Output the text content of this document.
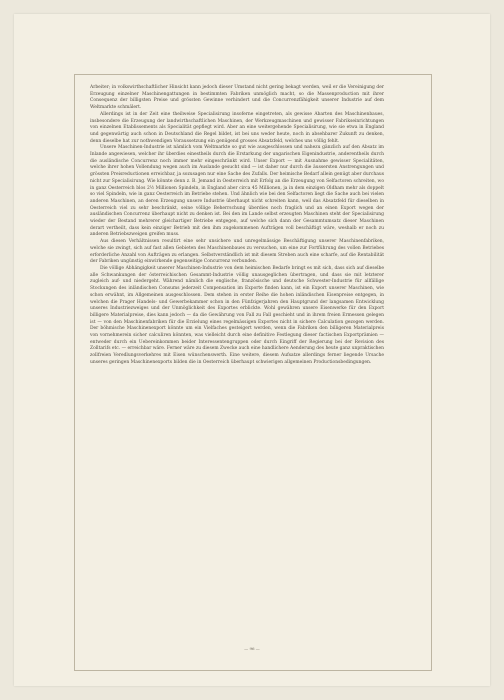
Arbeiter; in volkswirthschaftlicher Hinsicht kann jedoch dieser Umstand nicht gering bekagt werden, weil er die Vereinigung der Erzeugung einzelner Maschinengattungen in bestimmten Fabriken unmöglich macht, so die Massenproduction mit ihrer Consequenz der billigsten Preise und grössten Gewinne verhindert und die Concurrenzfähigkeit unserer Industrie auf dem Weltmarkte schmälert.

Allerdings ist in der Zeit eine theilweise Specialisirung insoferne eingetreten, als gewisse Abarten des Maschinenbaues, insbesondere die Erzeugung der landwirthschaftlichen Maschinen, der Werkzeugmaschinen und gewisser Fabrikseinrichtungen von einzelnen Etablissements als Specialität gepflegt wird. Aber an eine weitergehende Specialisirung, wie sie etwa in England und gegenwärtig auch schon in Deutschland die Regel bildet, ist bei uns weder heute, noch in absehbarer Zukunft zu denken, denn dieselbe hat zur nothwendigen Voraussetzung ein genügend grosses Absatzfeld, welches uns völlig fehlt.

Unsere Maschinen-Industrie ist nämlich vom Weltmarkte so gut wie ausgeschlossen und nahezu gänzlich auf den Absatz im Inlande angewiesen, welcher ihr überdies einestheils durch die Erstarkung der ungarischen Eigenindustrie, anderentheils durch die ausländische Concurrenz noch immer mehr eingeschränkt wird. Unser Export — mit Ausnahme gewisser Specialitäten, welche ihrer hohen Vollendung wegen auch im Auslande gesucht sind — ist daher nur durch die äussersten Anstrengungen und grössten Preisreductionen erreichbar, ja sozusagen nur eine Sache des Zufalls. Der heimische Bedarf allein genügt aber durchaus nicht zur Specialisirung. Wie könnte denn z. B. Jemand in Oesterreich mit Erfolg an die Erzeugung von Selfactoren schreiten, wo in ganz Oesterreich blos 2½ Millionen Spindeln, in England aber circa 45 Millionen, ja in dem einzigen Oldham mehr als doppelt so viel Spindeln, wie in ganz Oesterreich im Betriebe stehen. Und ähnlich wie bei den Selfactoren liegt die Sache auch bei vielen anderen Maschinen, an deren Erzeugung unsere Industrie überhaupt nicht schreiten kann, weil das Absatzfeld für dieselben in Oesterreich viel zu sehr beschränkt, seine völlige Beherrschung überdies noch fraglich und an einen Export wegen der ausländischen Concurrenz überhaupt nicht zu denken ist. Bei den im Lande selbst erzeugten Maschinen steht der Specialisirung wieder der Bestand mehrerer gleichartiger Betriebe entgegen, auf welche sich dann der Gesammtumsatz dieser Maschinen derart vertheilt, dass kein einziger Betrieb mit den ihm zugekommenen Aufträgen voll beschäftigt wäre, weshalb er noch zu anderen Betriebszweigen greifen muss.

Aus diesen Verhältnissen resultirt eine sehr unsichere und unregelmässige Beschäftigung unserer Maschinenfabriken, welche sie zwingt, sich auf fast allen Gebieten des Maschinenbaues zu versuchen, um eine zur Fortführung des vollen Betriebes erforderliche Anzahl von Aufträgen zu erlangen. Selbstverständlich ist mit diesem Streben auch eine scharfe, auf die Rentabilität der Fabriken ungünstig einwirkende gegenseitige Concurrenz verbunden.

Die völlige Abhängigkeit unserer Maschinen-Industrie von dem heimischen Bedarfe bringt es mit sich, dass sich auf dieselbe alle Schwankungen der österreichischen Gesammt-Industrie völlig unausgeglichen übertragen, und dass sie mit letzterer zugleich auf- und niedergeht. Während nämlich die englische, französische und deutsche Schwester-Industrie für allfällige Stockungen des inländischen Consums jederzeit Compensation im Exporte finden kann, ist ein Export unserer Maschinen, wie schon erwähnt, im Allgemeinen ausgeschlossen. Dem stehen in erster Reihe die hohen inländischen Eisenpreise entgegen, in welchen die Prager Handels- und Gewerbekammer schon in den Fünfzigerjahren den Hauptgrund der langsamen Entwicklung unseres Industriezweiges und der Unmöglichkeit des Exportes erblickte. Wohl gewähren unsere Eisenwerke für den Export billigere Materialpreise, dies kann jedoch — da die Gewährung von Fall zu Fall geschieht und in ihrem freien Ermessen gelegen ist — von den Maschinenfabriken für die Erzielung eines regelmässigen Exportes nicht in sichere Calculation gezogen werden. Der böhmische Maschinenexport könnte um ein Vielfaches gesteigert werden, wenn die Fabriken den billigeren Materialpreis von vornehmerein sicher calculiren könnten, was vielleicht durch eine definitive Festlegung dieser factischen Exportprämien — entweder durch ein Uebereinkommen beider Interessentengruppen oder durch Eingriff der Regierung bei der Revision des Zolltarifs etc. — erreichbar wäre. Ferner wäre zu diesem Zwecke auch eine handlichere Aenderung des heute ganz unpraktischen zollfreien Veredlungsverkehres mit Eisen wünschenswerth. Eine weitere, diesem Aufsatze allerdings ferner liegende Ursache unseres geringen Maschinenexports bilden die in Oesterreich überhaupt schwierigen allgemeinen Productionsbedingungen.

— 96 —
